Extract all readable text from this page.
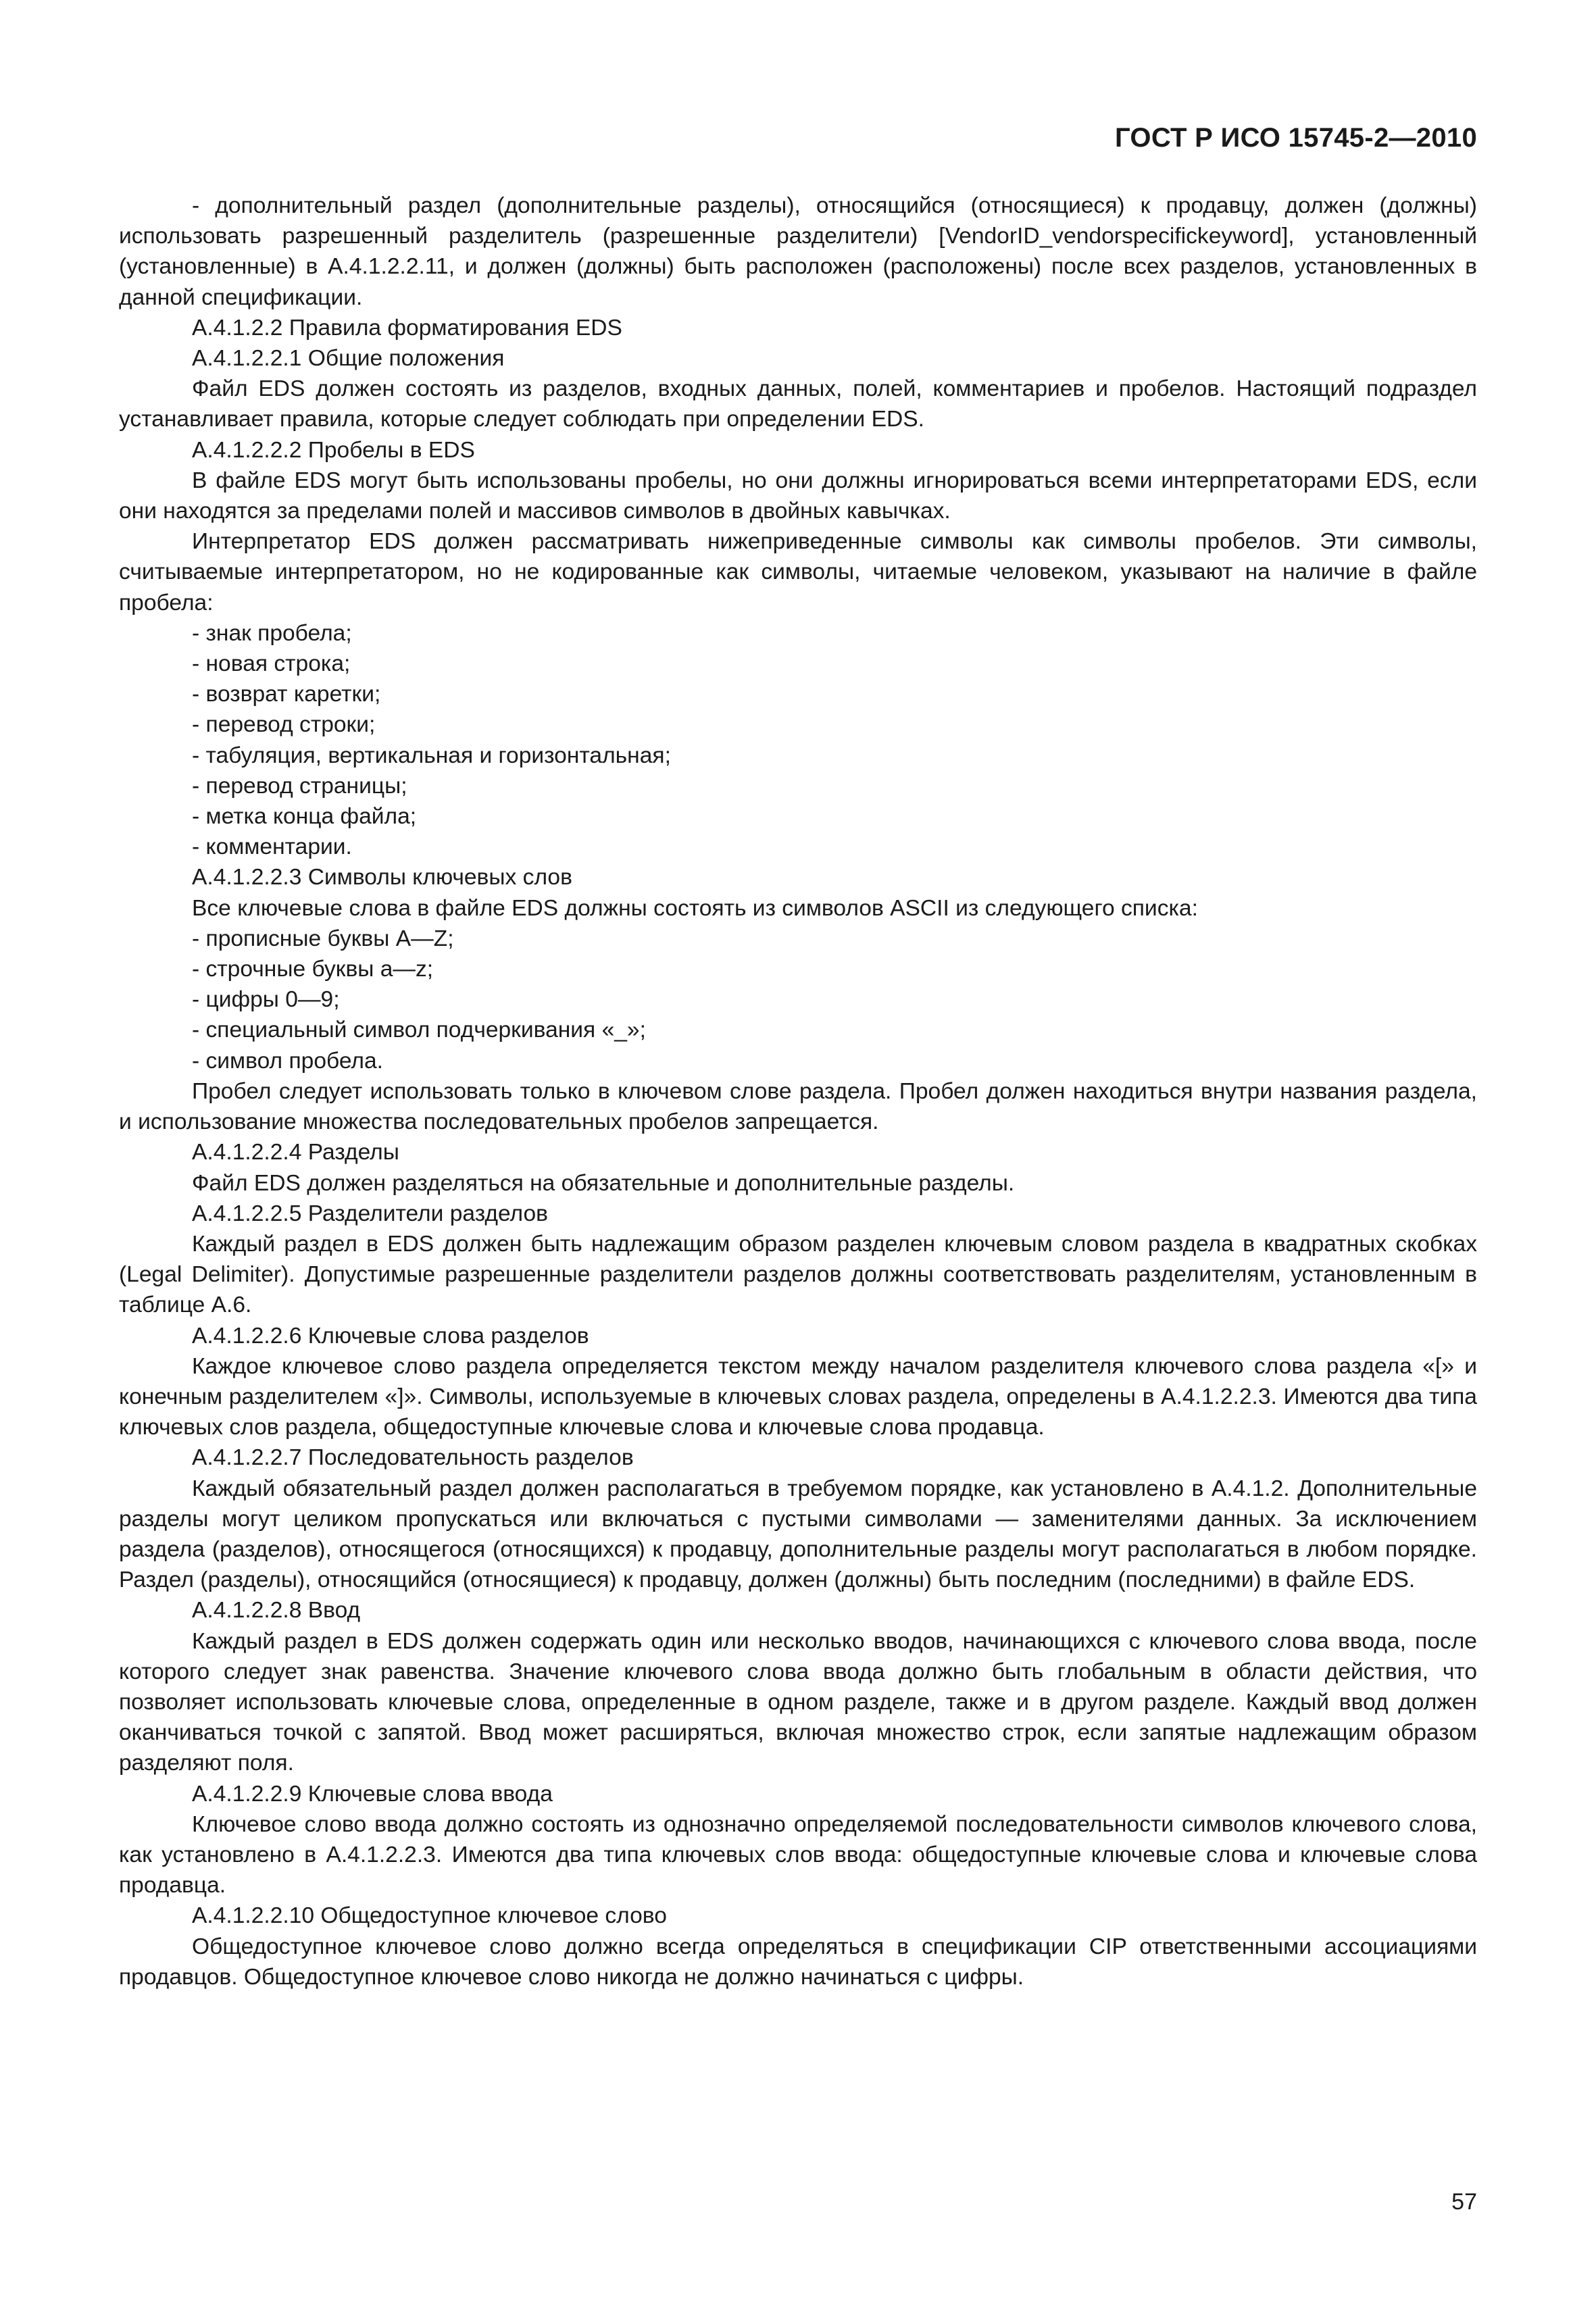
ГОСТ Р ИСО 15745-2—2010

- дополнительный раздел (дополнительные разделы), относящийся (относящиеся) к продавцу, должен (должны) использовать разрешенный разделитель (разрешенные разделители) [VendorID_vendorspecifickeyword], установленный (установленные) в А.4.1.2.2.11, и должен (должны) быть расположен (расположены) после всех разделов, установленных в данной спецификации.

А.4.1.2.2 Правила форматирования EDS

А.4.1.2.2.1 Общие положения

Файл EDS должен состоять из разделов, входных данных, полей, комментариев и пробелов. Настоящий подраздел устанавливает правила, которые следует соблюдать при определении EDS.

А.4.1.2.2.2 Пробелы в EDS

В файле EDS могут быть использованы пробелы, но они должны игнорироваться всеми интерпретаторами EDS, если они находятся за пределами полей и массивов символов в двойных кавычках.

Интерпретатор EDS должен рассматривать нижеприведенные символы как символы пробелов. Эти символы, считываемые интерпретатором, но не кодированные как символы, читаемые человеком, указывают на наличие в файле пробела:

- знак пробела;

- новая строка;

- возврат каретки;

- перевод строки;

- табуляция, вертикальная и горизонтальная;

- перевод страницы;

- метка конца файла;

- комментарии.

А.4.1.2.2.3 Символы ключевых слов

Все ключевые слова в файле EDS должны состоять из символов ASCII из следующего списка:

- прописные буквы A—Z;

- строчные буквы a—z;

- цифры 0—9;

- специальный символ подчеркивания «_»;

- символ пробела.

Пробел следует использовать только в ключевом слове раздела. Пробел должен находиться внутри названия раздела, и использование множества последовательных пробелов запрещается.

А.4.1.2.2.4 Разделы

Файл EDS должен разделяться на обязательные и дополнительные разделы.

А.4.1.2.2.5 Разделители разделов

Каждый раздел в EDS должен быть надлежащим образом разделен ключевым словом раздела в квадратных скобках (Legal Delimiter). Допустимые разрешенные разделители разделов должны соответствовать разделителям, установленным в таблице А.6.

А.4.1.2.2.6 Ключевые слова разделов

Каждое ключевое слово раздела определяется текстом между началом разделителя ключевого слова раздела «[» и конечным разделителем «]». Символы, используемые в ключевых словах раздела, определены в А.4.1.2.2.3. Имеются два типа ключевых слов раздела, общедоступные ключевые слова и ключевые слова продавца.

А.4.1.2.2.7 Последовательность разделов

Каждый обязательный раздел должен располагаться в требуемом порядке, как установлено в А.4.1.2. Дополнительные разделы могут целиком пропускаться или включаться с пустыми символами — заменителями данных. За исключением раздела (разделов), относящегося (относящихся) к продавцу, дополнительные разделы могут располагаться в любом порядке. Раздел (разделы), относящийся (относящиеся) к продавцу, должен (должны) быть последним (последними) в файле EDS.

А.4.1.2.2.8 Ввод

Каждый раздел в EDS должен содержать один или несколько вводов, начинающихся с ключевого слова ввода, после которого следует знак равенства. Значение ключевого слова ввода должно быть глобальным в области действия, что позволяет использовать ключевые слова, определенные в одном разделе, также и в другом разделе. Каждый ввод должен оканчиваться точкой с запятой. Ввод может расширяться, включая множество строк, если запятые надлежащим образом разделяют поля.

А.4.1.2.2.9 Ключевые слова ввода

Ключевое слово ввода должно состоять из однозначно определяемой последовательности символов ключевого слова, как установлено в А.4.1.2.2.3. Имеются два типа ключевых слов ввода: общедоступные ключевые слова и ключевые слова продавца.

А.4.1.2.2.10 Общедоступное ключевое слово

Общедоступное ключевое слово должно всегда определяться в спецификации CIP ответственными ассоциациями продавцов. Общедоступное ключевое слово никогда не должно начинаться с цифры.

57
